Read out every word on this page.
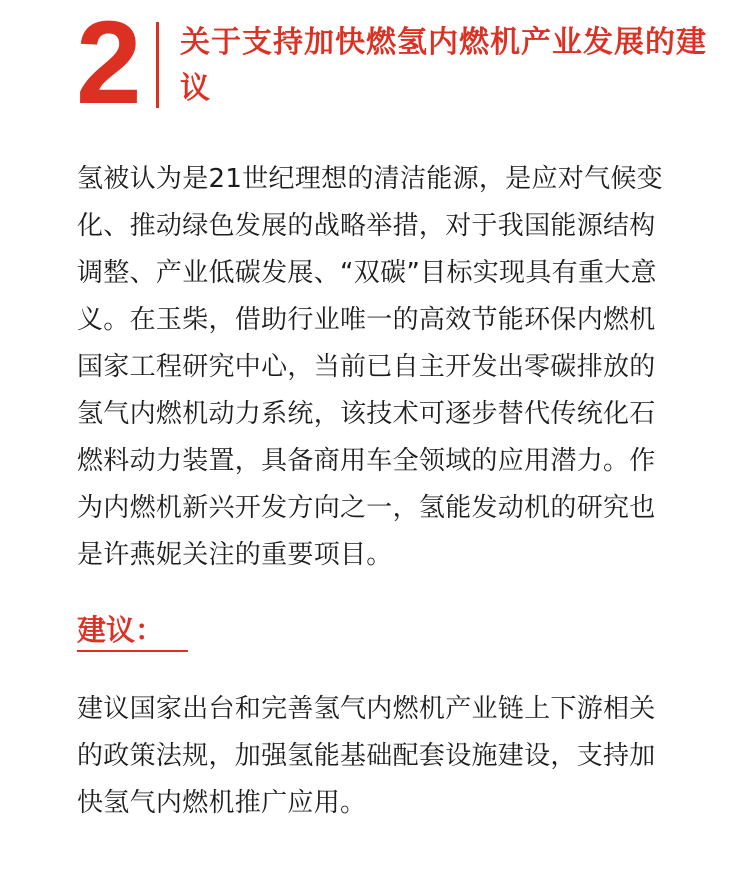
2 关于支持加快燃氢内燃机产业发展的建议

氢被认为是21世纪理想的清洁能源，是应对气候变化、推动绿色发展的战略举措，对于我国能源结构调整、产业低碳发展、“双碳”目标实现具有重大意义。在玉柴，借助行业唯一的高效节能环保内燃机国家工程研究中心，当前已自主开发出零碳排放的氢气内燃机动力系统，该技术可逐步替代传统化石燃料动力装置，具备商用车全领域的应用潜力。作为内燃机新兴开发方向之一，氢能发动机的研究也是许燕妮关注的重要项目。

建议：

建议国家出台和完善氢气内燃机产业链上下游相关的政策法规，加强氢能基础配套设施建设，支持加快氢气内燃机推广应用。
